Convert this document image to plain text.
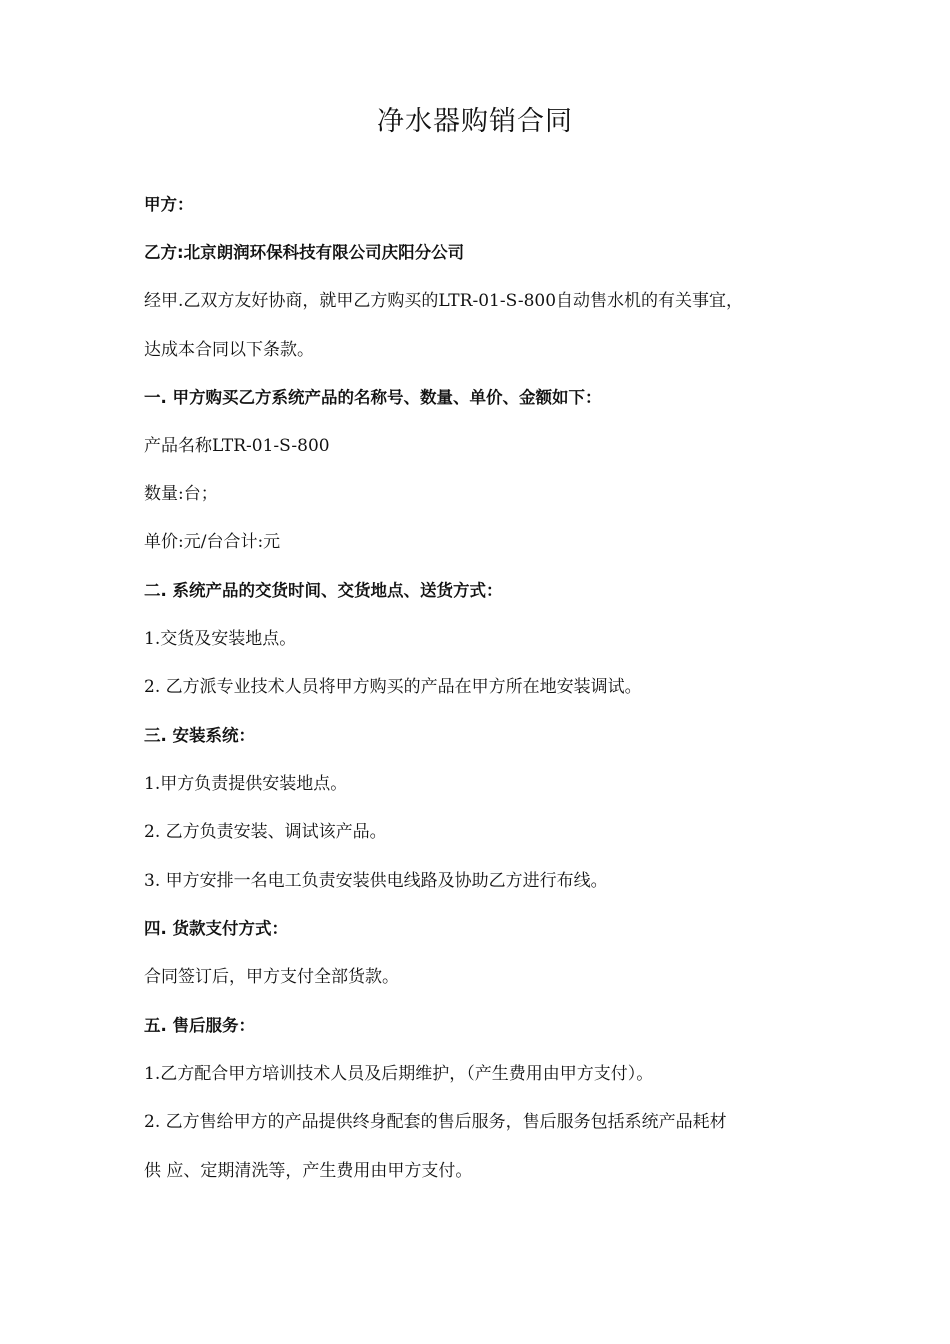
净水器购销合同
甲方：
乙方:北京朗润环保科技有限公司庆阳分公司
经甲.乙双方友好协商，就甲乙方购买的LTR-01-S-800自动售水机的有关事宜，
达成本合同以下条款。
一. 甲方购买乙方系统产品的名称号、数量、单价、金额如下：
产品名称LTR-01-S-800
数量:台；
单价:元/台合计:元
二. 系统产品的交货时间、交货地点、送货方式：
1.交货及安装地点。
2. 乙方派专业技术人员将甲方购买的产品在甲方所在地安装调试。
三. 安装系统：
1.甲方负责提供安装地点。
2. 乙方负责安装、调试该产品。
3. 甲方安排一名电工负责安装供电线路及协助乙方进行布线。
四. 货款支付方式：
合同签订后，甲方支付全部货款。
五. 售后服务：
1.乙方配合甲方培训技术人员及后期维护，（产生费用由甲方支付）。
2. 乙方售给甲方的产品提供终身配套的售后服务，售后服务包括系统产品耗材
供 应、定期清洗等，产生费用由甲方支付。
